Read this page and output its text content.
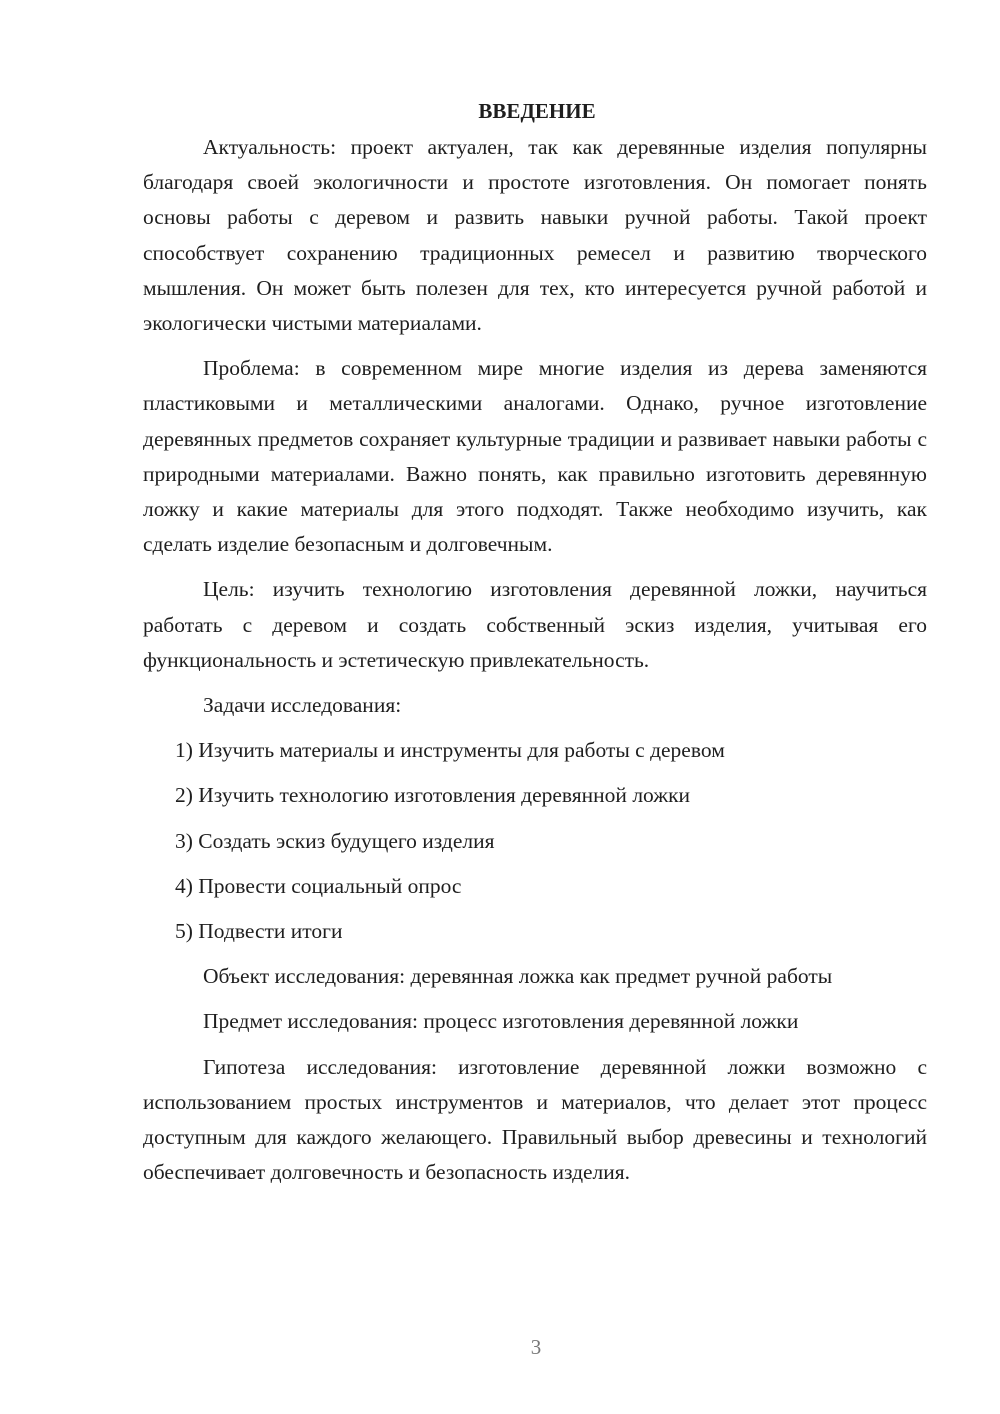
ВВЕДЕНИЕ

Актуальность: проект актуален, так как деревянные изделия популярны благодаря своей экологичности и простоте изготовления. Он помогает понять основы работы с деревом и развить навыки ручной работы. Такой проект способствует сохранению традиционных ремесел и развитию творческого мышления. Он может быть полезен для тех, кто интересуется ручной работой и экологически чистыми материалами.

Проблема: в современном мире многие изделия из дерева заменяются пластиковыми и металлическими аналогами. Однако, ручное изготовление деревянных предметов сохраняет культурные традиции и развивает навыки работы с природными материалами. Важно понять, как правильно изготовить деревянную ложку и какие материалы для этого подходят. Также необходимо изучить, как сделать изделие безопасным и долговечным.

Цель: изучить технологию изготовления деревянной ложки, научиться работать с деревом и создать собственный эскиз изделия, учитывая его функциональность и эстетическую привлекательность.

Задачи исследования:

1) Изучить материалы и инструменты для работы с деревом

2) Изучить технологию изготовления деревянной ложки

3) Создать эскиз будущего изделия

4) Провести социальный опрос

5) Подвести итоги

Объект исследования: деревянная ложка как предмет ручной работы

Предмет исследования: процесс изготовления деревянной ложки

Гипотеза исследования: изготовление деревянной ложки возможно с использованием простых инструментов и материалов, что делает этот процесс доступным для каждого желающего. Правильный выбор древесины и технологий обеспечивает долговечность и безопасность изделия.

3
